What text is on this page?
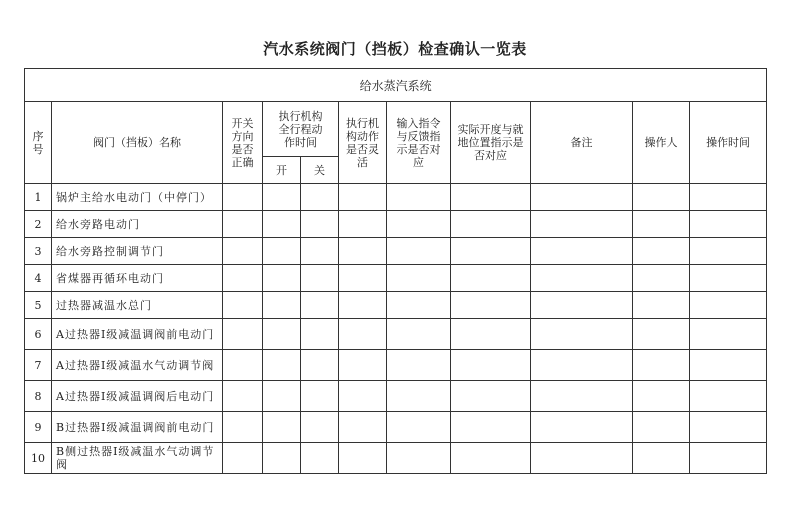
汽水系统阀门（挡板）检查确认一览表
给水蒸汽系统										
序号	阀门（挡板）名称	开关方向是否正确	执行机构全行程动作时间		执行机构动作是否灵活	输入指令与反馈指示是否对应	实际开度与就地位置指示是否对应	备注	操作人	操作时间
			开	关						
1	锅炉主给水电动门（中停门）									
2	给水旁路电动门									
3	给水旁路控制调节门									
4	省煤器再循环电动门									
5	过热器减温水总门									
6	A过热器Ⅰ级减温调阀前电动门									
7	A过热器Ⅰ级减温水气动调节阀									
8	A过热器Ⅰ级减温调阀后电动门									
9	B过热器Ⅰ级减温调阀前电动门									
10	B侧过热器Ⅰ级减温水气动调节阀									
